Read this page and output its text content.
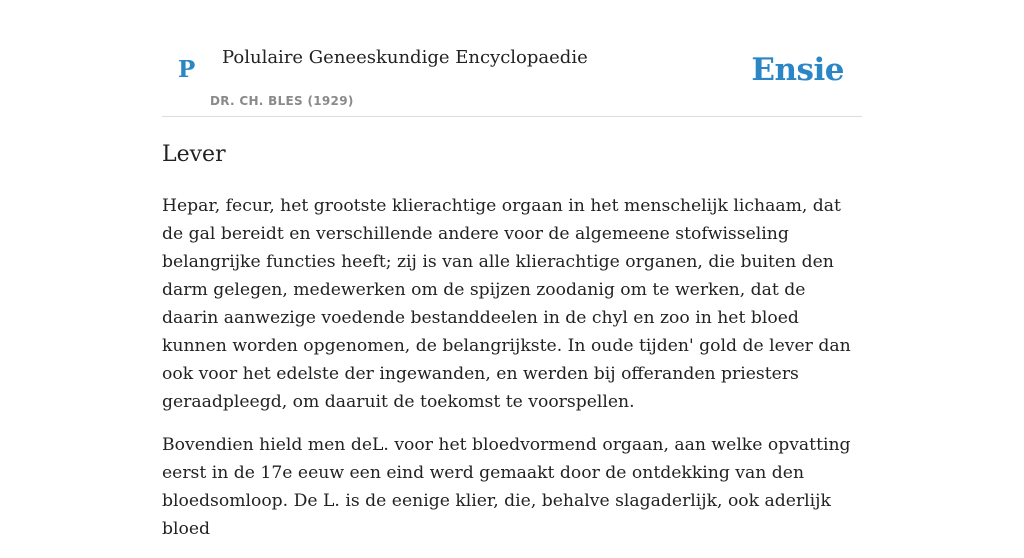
P Polulaire Geneeskundige Encyclopaedie
DR. CH. BLES (1929)
Ensie
Lever

Hepar, fecur, het grootste klierachtige orgaan in het menschelijk lichaam, dat de gal bereidt en verschillende andere voor de algemeene stofwisseling belangrijke functies heeft; zij is van alle klierachtige organen, die buiten den darm gelegen, medewerken om de spijzen zoodanig om te werken, dat de daarin aanwezige voedende bestanddeelen in de chyl en zoo in het bloed kunnen worden opgenomen, de belangrijkste. In oude tijden' gold de lever dan ook voor het edelste der ingewanden, en werden bij offeranden priesters geraadpleegd, om daaruit de toekomst te voorspellen.

Bovendien hield men deL. voor het bloedvormend orgaan, aan welke opvatting eerst in de 17e eeuw een eind werd gemaakt door de ontdekking van den bloedsomloop. De L. is de eenige klier, die, behalve slagaderlijk, ook aderlijk bloed
